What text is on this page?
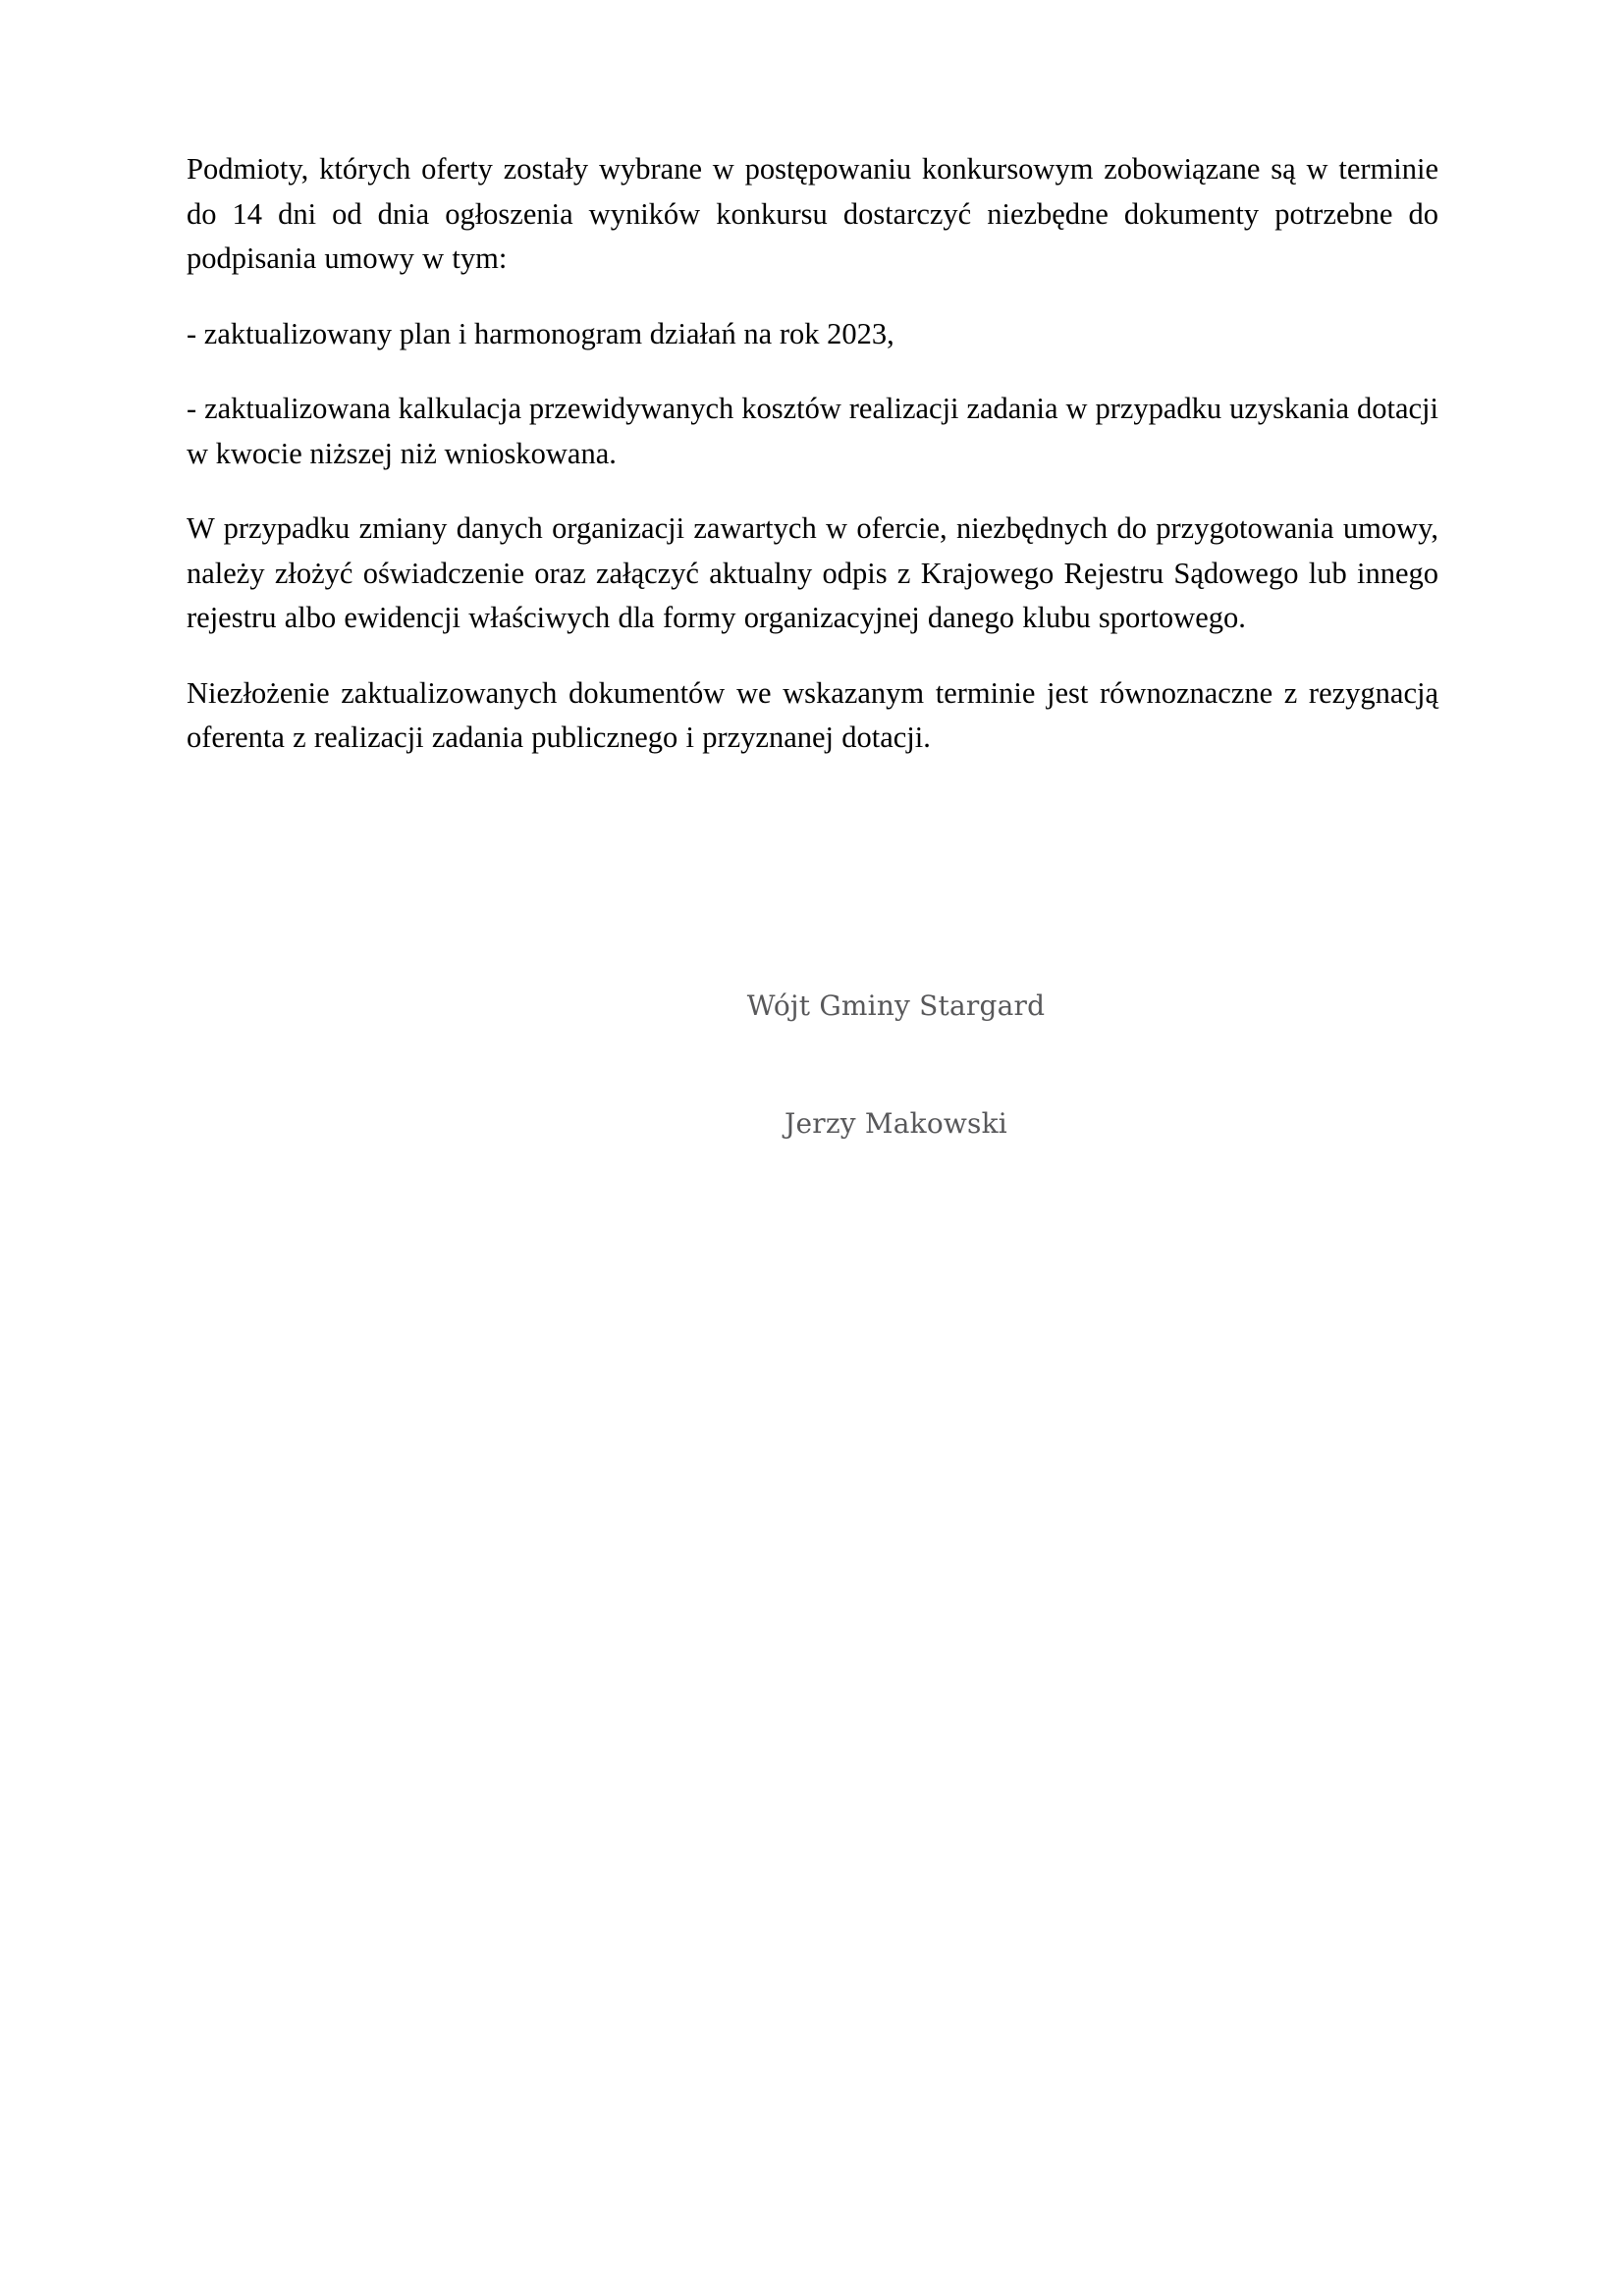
Podmioty, których oferty zostały wybrane w postępowaniu konkursowym zobowiązane są w terminie do 14 dni od dnia ogłoszenia wyników konkursu dostarczyć niezbędne dokumenty potrzebne do podpisania umowy w tym:

- zaktualizowany plan i harmonogram działań na rok 2023,

- zaktualizowana kalkulacja przewidywanych kosztów realizacji zadania w przypadku uzyskania dotacji w kwocie niższej niż wnioskowana.

W przypadku zmiany danych organizacji zawartych w ofercie, niezbędnych do przygotowania umowy, należy złożyć oświadczenie oraz załączyć aktualny odpis z Krajowego Rejestru Sądowego lub innego rejestru albo ewidencji właściwych dla formy organizacyjnej danego klubu sportowego.

Niezłożenie zaktualizowanych dokumentów we wskazanym terminie jest równoznaczne z rezygnacją oferenta z realizacji zadania publicznego i przyznanej dotacji.

Wójt Gminy Stargard

Jerzy Makowski
